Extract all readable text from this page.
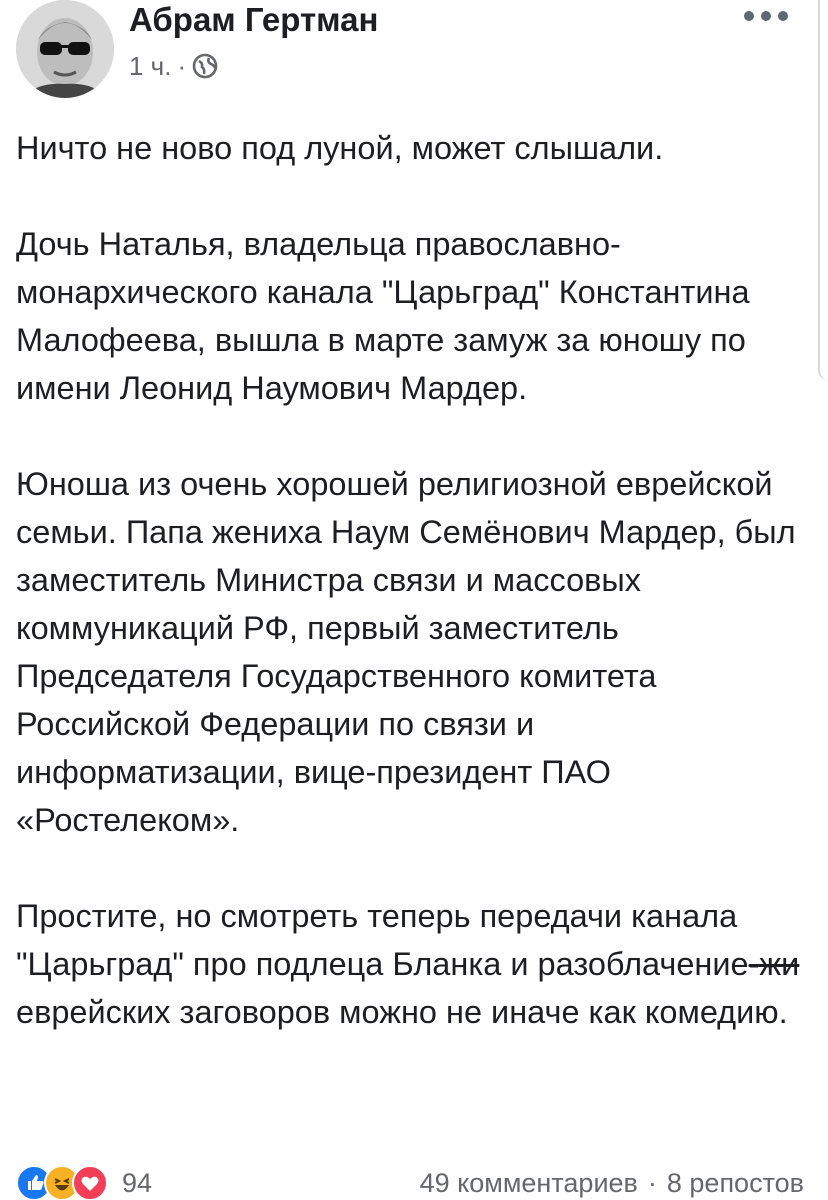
Абрам Гертман
1 ч. ·

Ничто не ново под луной, может слышали.

Дочь Наталья, владельца православно-монархического канала "Царьград" Константина Малофеева, вышла в марте замуж за юношу по имени Леонид Наумович Мардер.

Юноша из очень хорошей религиозной еврейской семьи. Папа жениха Наум Семёнович Мардер, был заместитель Министра связи и массовых коммуникаций РФ, первый заместитель Председателя Государственного комитета Российской Федерации по связи и информатизации, вице-президент ПАО «Ростелеком».

Простите, но смотреть теперь передачи канала "Царьград" про подлеца Бланка и разоблачение-жи  еврейских заговоров можно не иначе как комедию.

94	49 комментариев · 8 репостов
